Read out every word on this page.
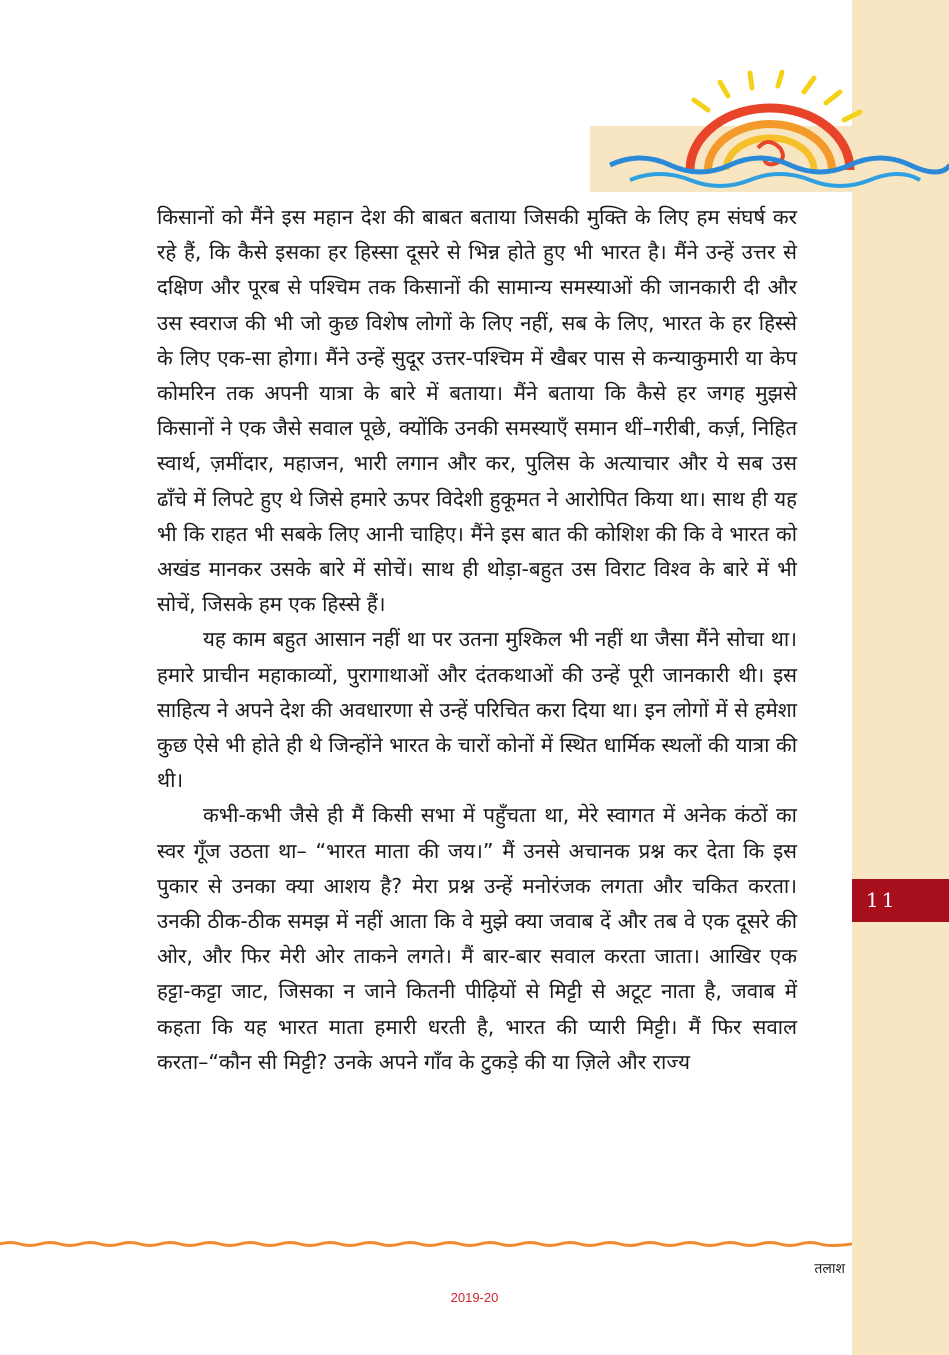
किसानों को मैंने इस महान देश की बाबत बताया जिसकी मुक्ति के लिए हम संघर्ष कर रहे हैं, कि कैसे इसका हर हिस्सा दूसरे से भिन्न होते हुए भी भारत है। मैंने उन्हें उत्तर से दक्षिण और पूरब से पश्चिम तक किसानों की सामान्य समस्याओं की जानकारी दी और उस स्वराज की भी जो कुछ विशेष लोगों के लिए नहीं, सब के लिए, भारत के हर हिस्से के लिए एक-सा होगा। मैंने उन्हें सुदूर उत्तर-पश्चिम में खैबर पास से कन्याकुमारी या केप कोमरिन तक अपनी यात्रा के बारे में बताया। मैंने बताया कि कैसे हर जगह मुझसे किसानों ने एक जैसे सवाल पूछे, क्योंकि उनकी समस्याएँ समान थीं–गरीबी, कर्ज़, निहित स्वार्थ, ज़मींदार, महाजन, भारी लगान और कर, पुलिस के अत्याचार और ये सब उस ढाँचे में लिपटे हुए थे जिसे हमारे ऊपर विदेशी हुकूमत ने आरोपित किया था। साथ ही यह भी कि राहत भी सबके लिए आनी चाहिए। मैंने इस बात की कोशिश की कि वे भारत को अखंड मानकर उसके बारे में सोचें। साथ ही थोड़ा-बहुत उस विराट विश्व के बारे में भी सोचें, जिसके हम एक हिस्से हैं।

यह काम बहुत आसान नहीं था पर उतना मुश्किल भी नहीं था जैसा मैंने सोचा था। हमारे प्राचीन महाकाव्यों, पुरागाथाओं और दंतकथाओं की उन्हें पूरी जानकारी थी। इस साहित्य ने अपने देश की अवधारणा से उन्हें परिचित करा दिया था। इन लोगों में से हमेशा कुछ ऐसे भी होते ही थे जिन्होंने भारत के चारों कोनों में स्थित धार्मिक स्थलों की यात्रा की थी।

कभी-कभी जैसे ही मैं किसी सभा में पहुँचता था, मेरे स्वागत में अनेक कंठों का स्वर गूँज उठता था– “भारत माता की जय।” मैं उनसे अचानक प्रश्न कर देता कि इस पुकार से उनका क्या आशय है? मेरा प्रश्न उन्हें मनोरंजक लगता और चकित करता। उनकी ठीक-ठीक समझ में नहीं आता कि वे मुझे क्या जवाब दें और तब वे एक दूसरे की ओर, और फिर मेरी ओर ताकने लगते। मैं बार-बार सवाल करता जाता। आखिर एक हट्टा-कट्टा जाट, जिसका न जाने कितनी पीढ़ियों से मिट्टी से अटूट नाता है, जवाब में कहता कि यह भारत माता हमारी धरती है, भारत की प्यारी मिट्टी। मैं फिर सवाल करता–“कौन सी मिट्टी? उनके अपने गाँव के टुकड़े की या ज़िले और राज्य

11
तलाश
2019-20
